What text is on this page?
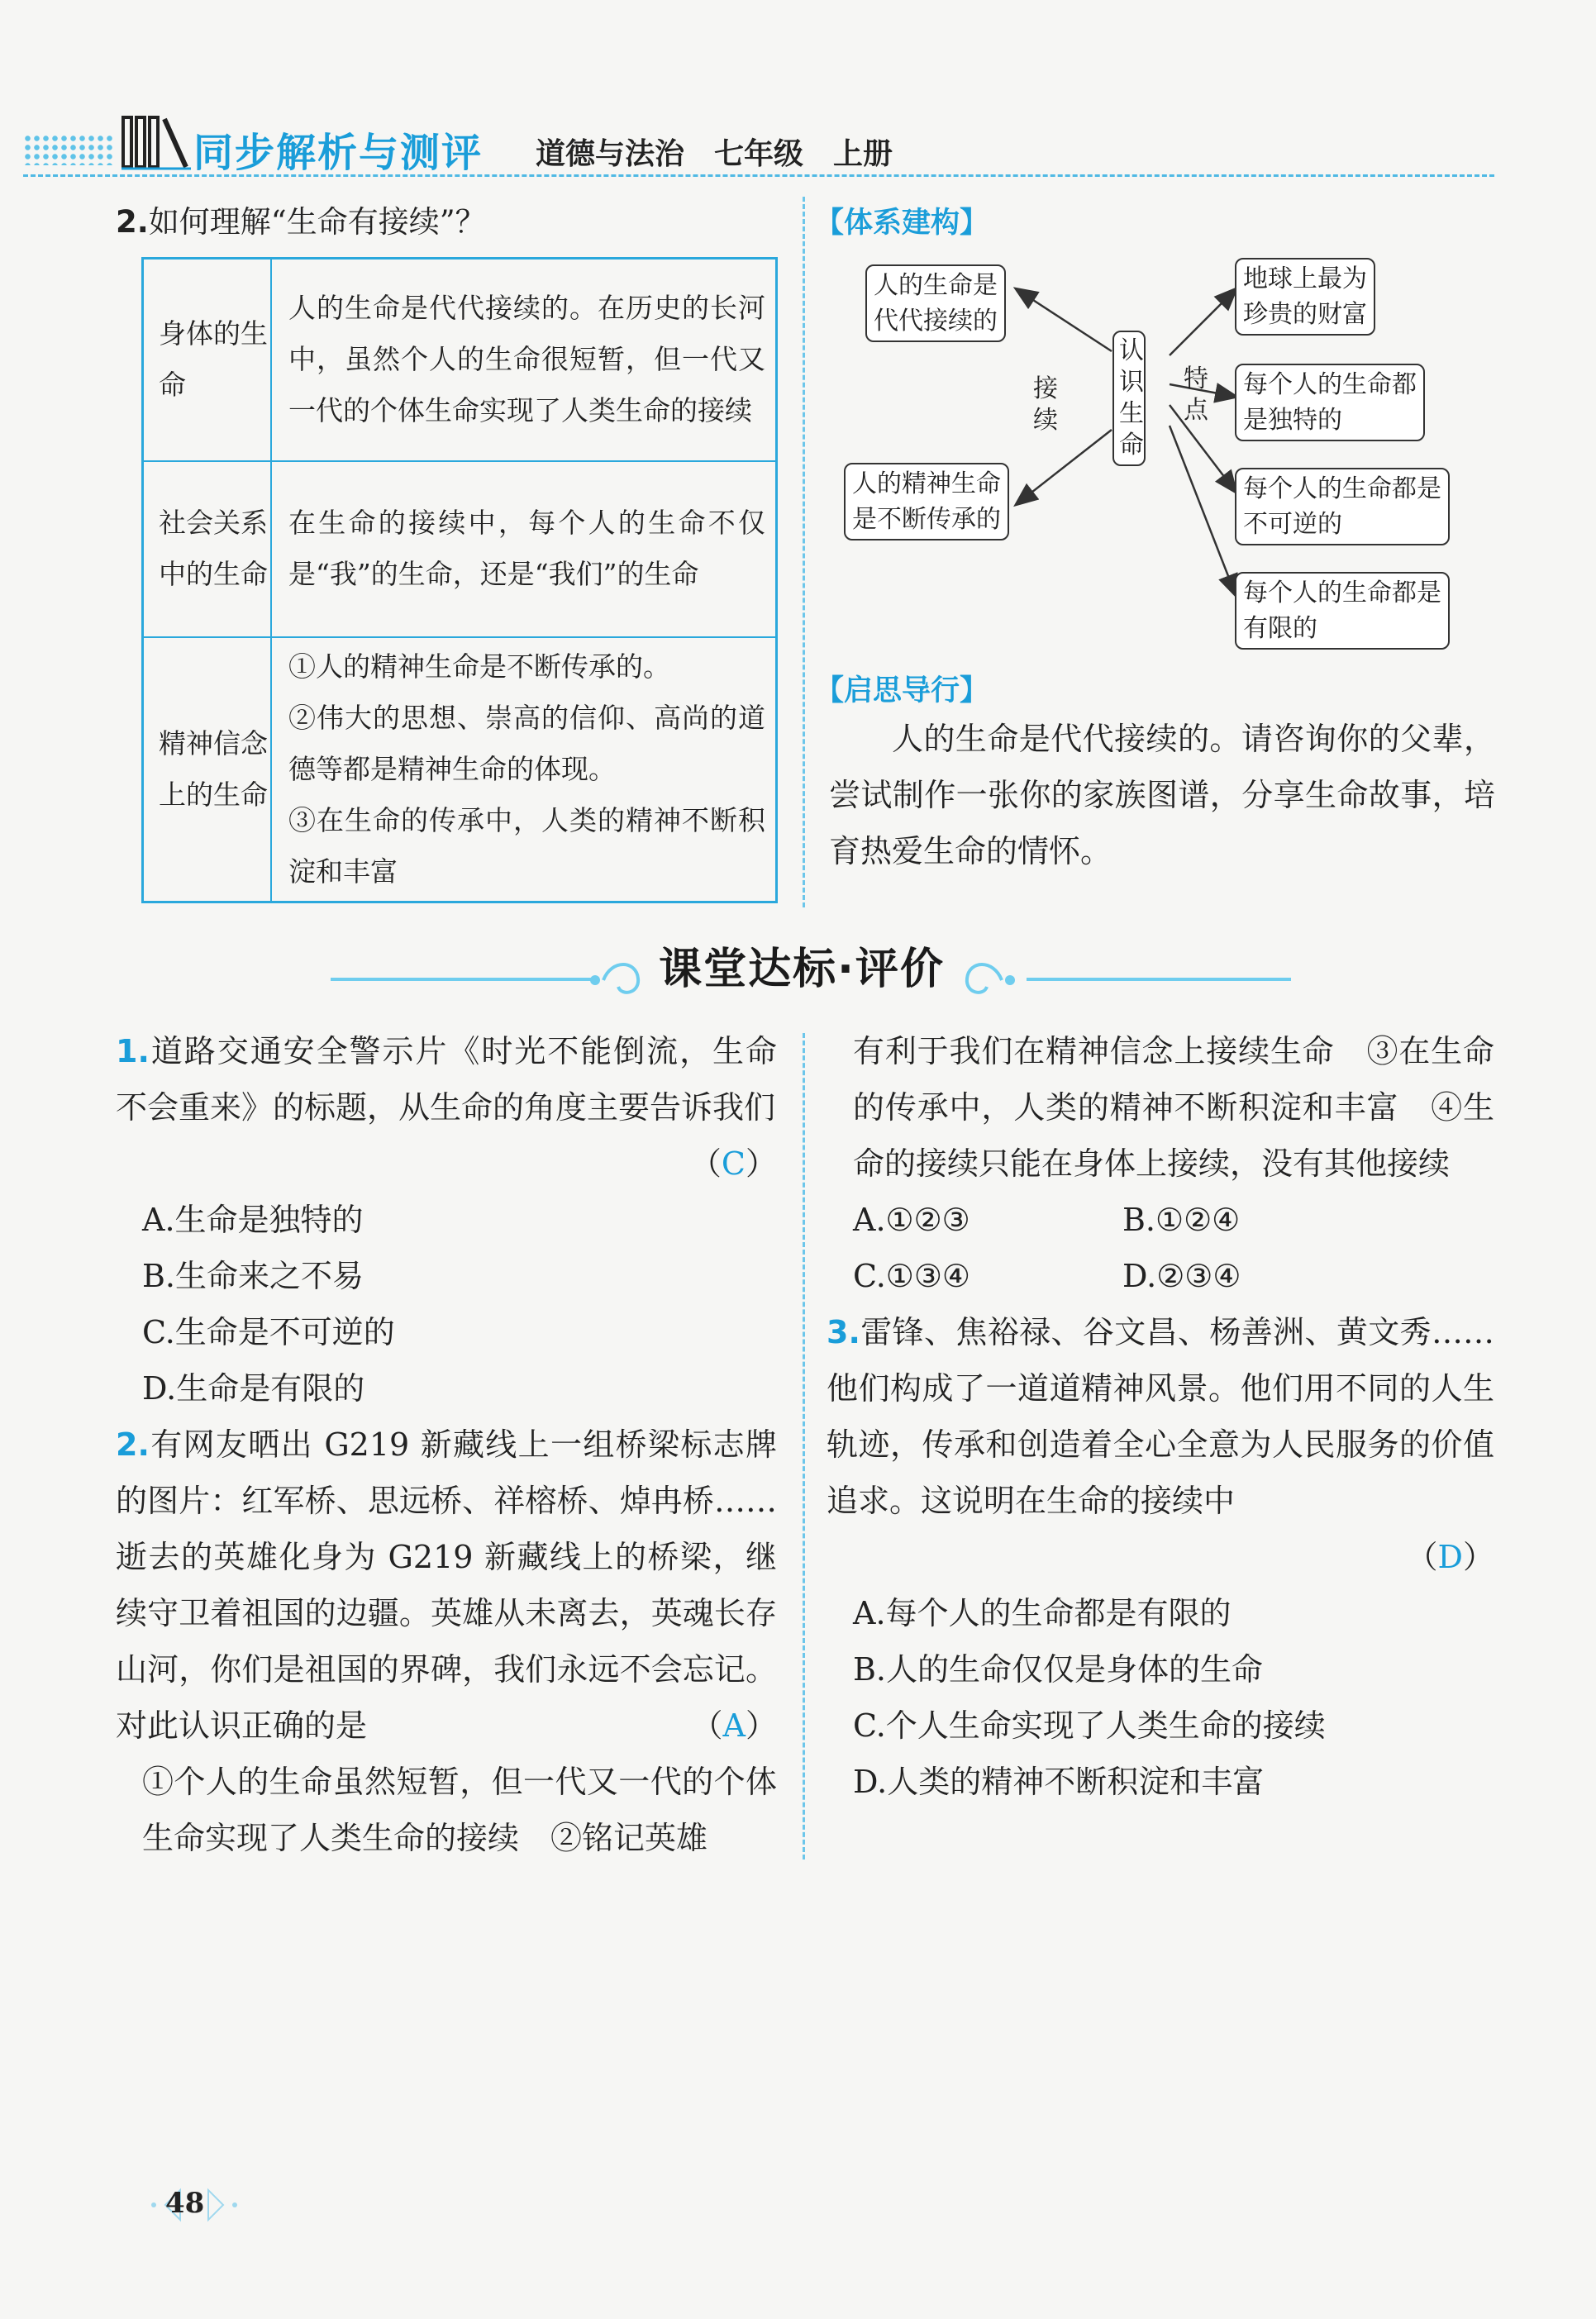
同步解析与测评 道德与法治　七年级　上册
2.如何理解“生命有接续”？
身体的生命	人的生命是代代接续的。在历史的长河中，虽然个人的生命很短暂，但一代又一代的个体生命实现了人类生命的接续
社会关系中的生命	在生命的接续中，每个人的生命不仅是“我”的生命，还是“我们”的生命
精神信念上的生命	①人的精神生命是不断传承的。
②伟大的思想、崇高的信仰、高尚的道德等都是精神生命的体现。
③在生命的传承中，人类的精神不断积淀和丰富
【体系建构】
人的生命是
代代接续的
人的精神生命
是不断传承的
接
续
认
识
生
命
特
点
地球上最为
珍贵的财富
每个人的生命都
是独特的
每个人的生命都是
不可逆的
每个人的生命都是
有限的
【启思导行】
人的生命是代代接续的。请咨询你的父辈，尝试制作一张你的家族图谱，分享生命故事，培育热爱生命的情怀。
课堂达标·评价

1.道路交通安全警示片《时光不能倒流，生命不会重来》的标题，从生命的角度主要告诉我们

（C）

A.生命是独特的

B.生命来之不易

C.生命是不可逆的

D.生命是有限的

2.有网友晒出 G219 新藏线上一组桥梁标志牌的图片：红军桥、思远桥、祥榕桥、焯冉桥……逝去的英雄化身为 G219 新藏线上的桥梁，继续守卫着祖国的边疆。英雄从未离去，英魂长存山河，你们是祖国的界碑，我们永远不会忘记。对此认识正确的是	（A）

①个人的生命虽然短暂，但一代又一代的个体生命实现了人类生命的接续　②铭记英雄

有利于我们在精神信念上接续生命　③在生命的传承中，人类的精神不断积淀和丰富　④生命的接续只能在身体上接续，没有其他接续

A.①②③	B.①②④
C.①③④	D.②③④

3.雷锋、焦裕禄、谷文昌、杨善洲、黄文秀……他们构成了一道道精神风景。他们用不同的人生轨迹，传承和创造着全心全意为人民服务的价值追求。这说明在生命的接续中

（D）

A.每个人的生命都是有限的

B.人的生命仅仅是身体的生命

C.个人生命实现了人类生命的接续

D.人类的精神不断积淀和丰富

48
